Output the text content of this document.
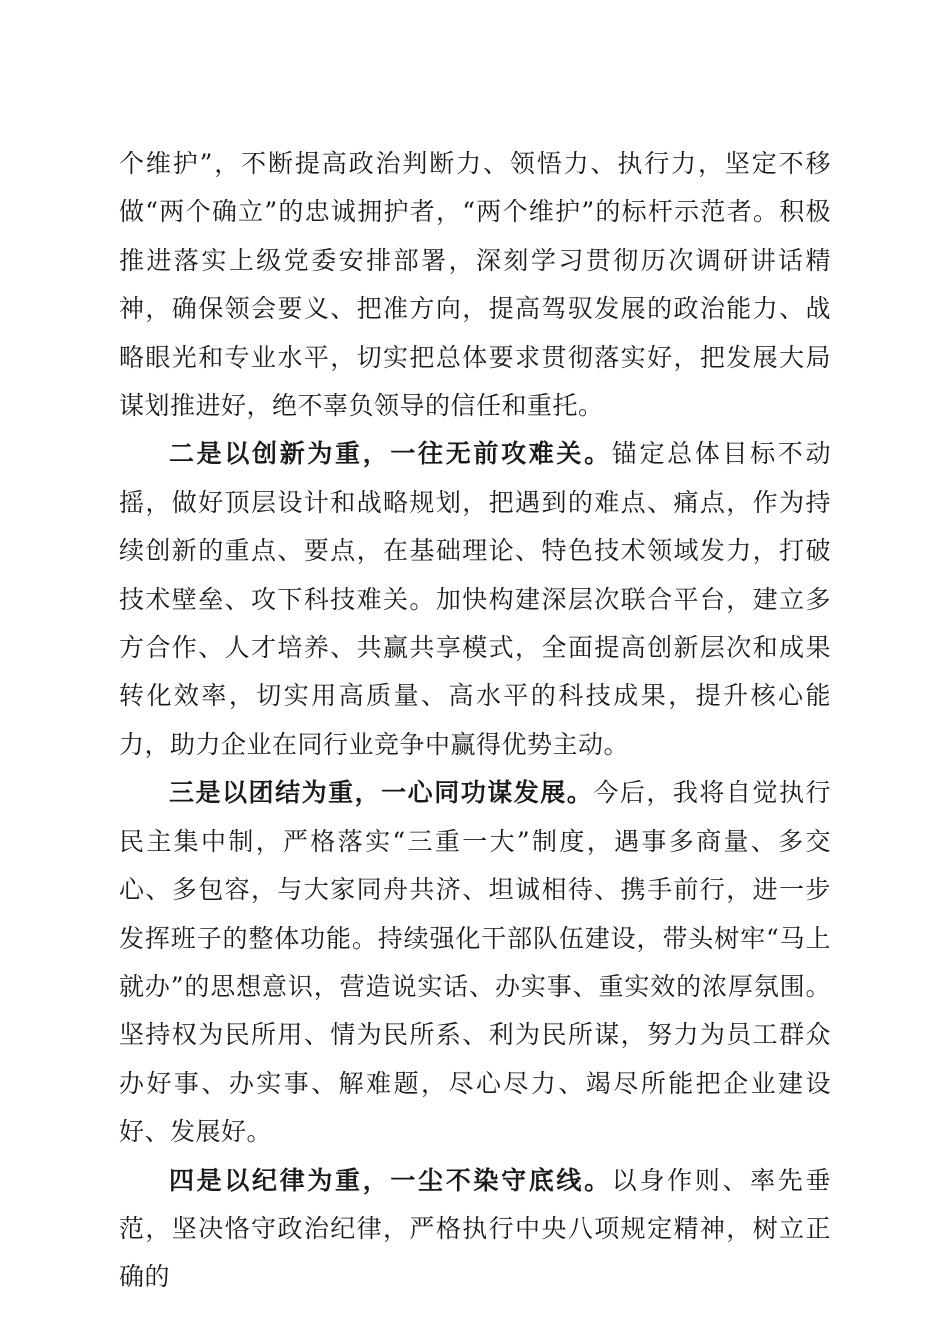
个维护”，不断提高政治判断力、领悟力、执行力，坚定不移做“两个确立”的忠诚拥护者，“两个维护”的标杆示范者。积极推进落实上级党委安排部署，深刻学习贯彻历次调研讲话精神，确保领会要义、把准方向，提高驾驭发展的政治能力、战略眼光和专业水平，切实把总体要求贯彻落实好，把发展大局谋划推进好，绝不辜负领导的信任和重托。

二是以创新为重，一往无前攻难关。锚定总体目标不动摇，做好顶层设计和战略规划，把遇到的难点、痛点，作为持续创新的重点、要点，在基础理论、特色技术领域发力，打破技术壁垒、攻下科技难关。加快构建深层次联合平台，建立多方合作、人才培养、共赢共享模式，全面提高创新层次和成果转化效率，切实用高质量、高水平的科技成果，提升核心能力，助力企业在同行业竞争中赢得优势主动。

三是以团结为重，一心同功谋发展。今后，我将自觉执行民主集中制，严格落实“三重一大”制度，遇事多商量、多交心、多包容，与大家同舟共济、坦诚相待、携手前行，进一步发挥班子的整体功能。持续强化干部队伍建设，带头树牢“马上就办”的思想意识，营造说实话、办实事、重实效的浓厚氛围。坚持权为民所用、情为民所系、利为民所谋，努力为员工群众办好事、办实事、解难题，尽心尽力、竭尽所能把企业建设好、发展好。

四是以纪律为重，一尘不染守底线。以身作则、率先垂范，坚决恪守政治纪律，严格执行中央八项规定精神，树立正确的
